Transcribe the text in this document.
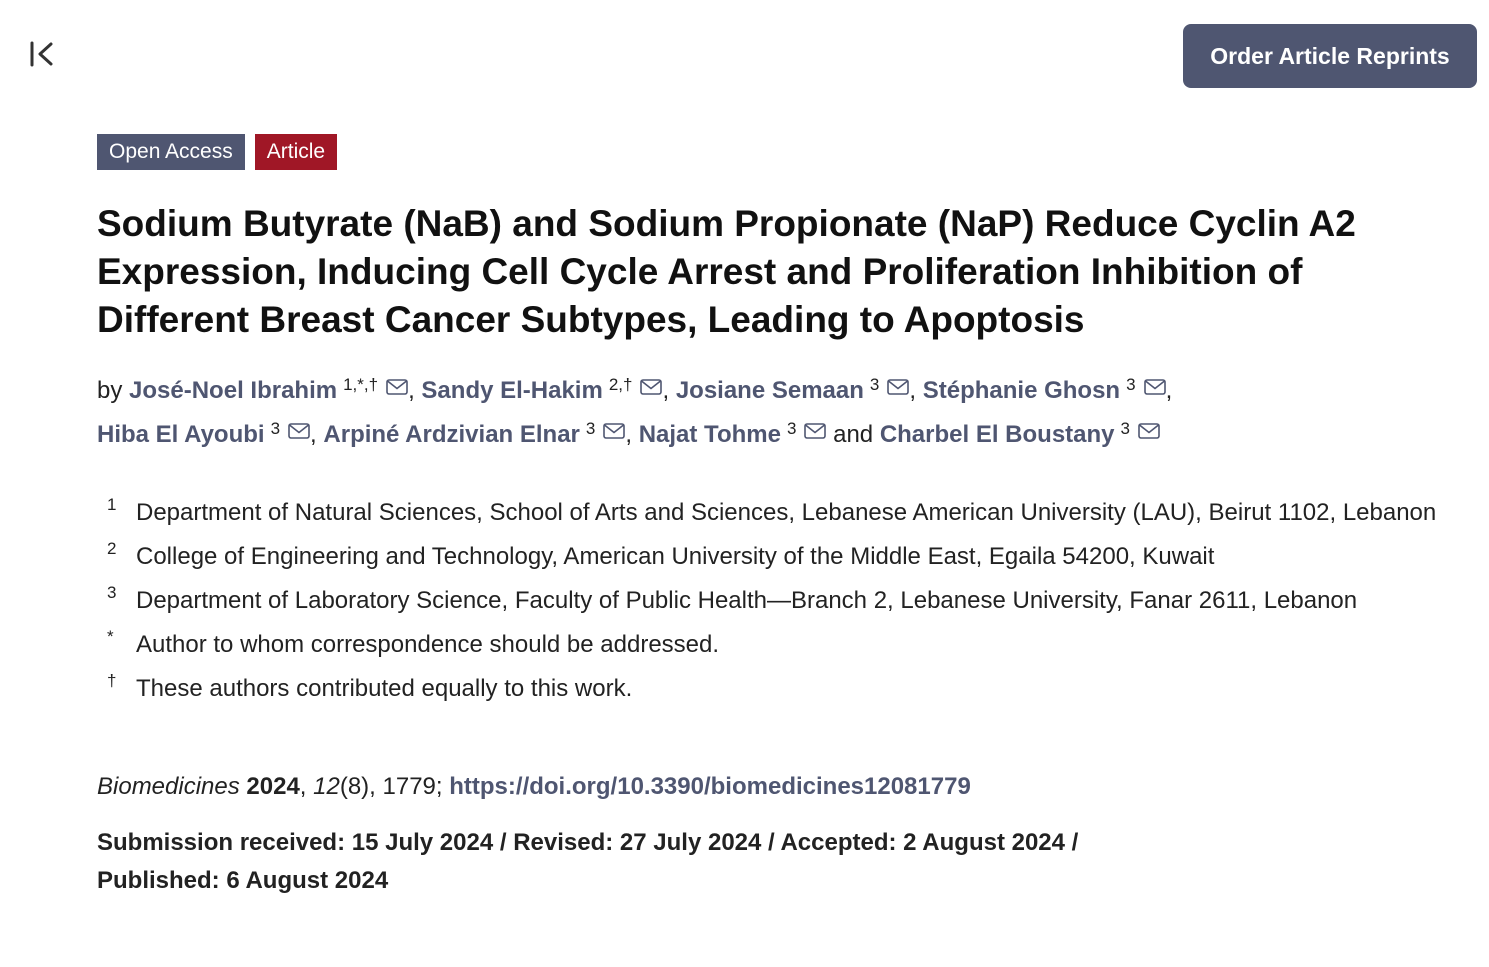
Order Article Reprints
Open Access	Article
Sodium Butyrate (NaB) and Sodium Propionate (NaP) Reduce Cyclin A2 Expression, Inducing Cell Cycle Arrest and Proliferation Inhibition of Different Breast Cancer Subtypes, Leading to Apoptosis
by José-Noel Ibrahim $^{1,*,\dagger}$ , Sandy El-Hakim $^{2,\dagger}$ , Josiane Semaan $^3$ , Stéphanie Ghosn $^3$ ,
Hiba El Ayoubi $^3$ , Arpiné Ardzivian Elnar $^3$ , Najat Tohme $^3$ and Charbel El Boustany $^3$
1 Department of Natural Sciences, School of Arts and Sciences, Lebanese American University (LAU), Beirut 1102, Lebanon
2 College of Engineering and Technology, American University of the Middle East, Egaila 54200, Kuwait
3 Department of Laboratory Science, Faculty of Public Health—Branch 2, Lebanese University, Fanar 2611, Lebanon
* Author to whom correspondence should be addressed.
† These authors contributed equally to this work.
Biomedicines 2024, 12(8), 1779; https://doi.org/10.3390/biomedicines12081779
Submission received: 15 July 2024 / Revised: 27 July 2024 / Accepted: 2 August 2024 /
Published: 6 August 2024
